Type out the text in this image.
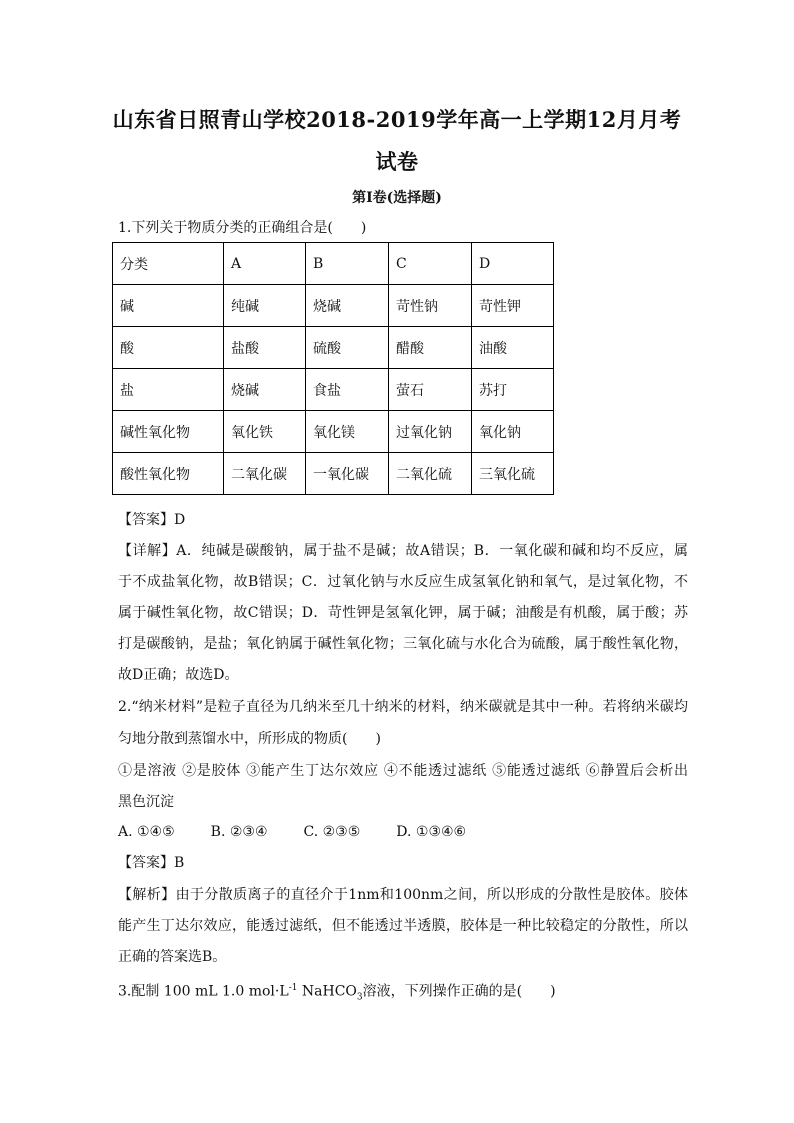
山东省日照青山学校2018-2019学年高一上学期12月月考
试卷
第I卷(选择题)
1.下列关于物质分类的正确组合是(　　)
分类	A	B	C	D
碱	纯碱	烧碱	苛性钠	苛性钾
酸	盐酸	硫酸	醋酸	油酸
盐	烧碱	食盐	萤石	苏打
碱性氧化物	氧化铁	氧化镁	过氧化钠	氧化钠
酸性氧化物	二氧化碳	一氧化碳	二氧化硫	三氧化硫
【答案】D
【详解】A．纯碱是碳酸钠，属于盐不是碱；故A错误；B．一氧化碳和碱和均不反应，属
于不成盐氧化物，故B错误；C．过氧化钠与水反应生成氢氧化钠和氧气，是过氧化物，不
属于碱性氧化物，故C错误；D．苛性钾是氢氧化钾，属于碱；油酸是有机酸，属于酸；苏
打是碳酸钠，是盐；氧化钠属于碱性氧化物；三氧化硫与水化合为硫酸，属于酸性氧化物，
故D正确；故选D。
2.“纳米材料”是粒子直径为几纳米至几十纳米的材料，纳米碳就是其中一种。若将纳米碳均
匀地分散到蒸馏水中，所形成的物质(　　)
①是溶液 ②是胶体 ③能产生丁达尔效应 ④不能透过滤纸 ⑤能透过滤纸 ⑥静置后会析出
黑色沉淀
A. ①④⑤	B. ②③④	C. ②③⑤	D. ①③④⑥
【答案】B
【解析】由于分散质离子的直径介于1nm和100nm之间，所以形成的分散性是胶体。胶体
能产生丁达尔效应，能透过滤纸，但不能透过半透膜，胶体是一种比较稳定的分散性，所以
正确的答案选B。
3.配制 100 mL 1.0 $mol\cdot L^{-1}$ NaHCO$_3$溶液，下列操作正确的是(　　)
